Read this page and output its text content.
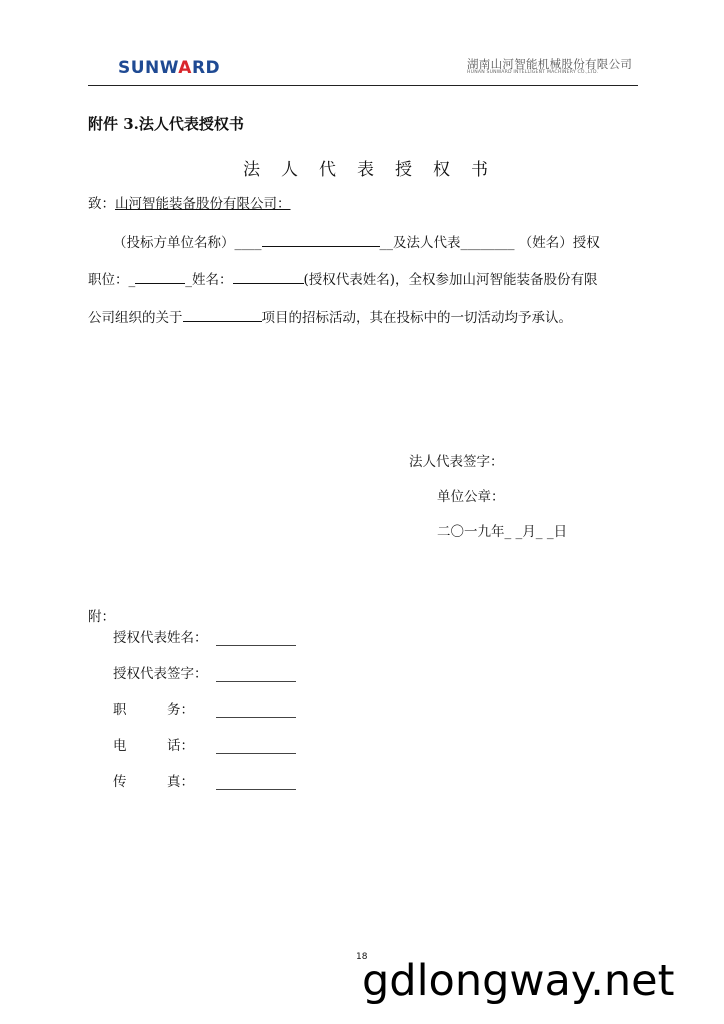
SUNWARD	湖南山河智能机械股份有限公司
HUNAN SUNWARD INTELLIGENT MACHINERY CO.,LTD.
附件 3.法人代表授权书
法人代表授权书
致：山河智能装备股份有限公司：
（投标方单位名称）____	__及法人代表________ （姓名）授权
职位：_	_姓名：	(授权代表姓名)，全权参加山河智能装备股份有限
公司组织的关于	项目的招标活动，其在投标中的一切活动均予承认。
法人代表签字：
单位公章：
二〇一九年_ _月_ _日
附：
授权代表姓名：
授权代表签字：
职　　　务：
电　　　话：
传　　　真：
18
gdlongway.net
